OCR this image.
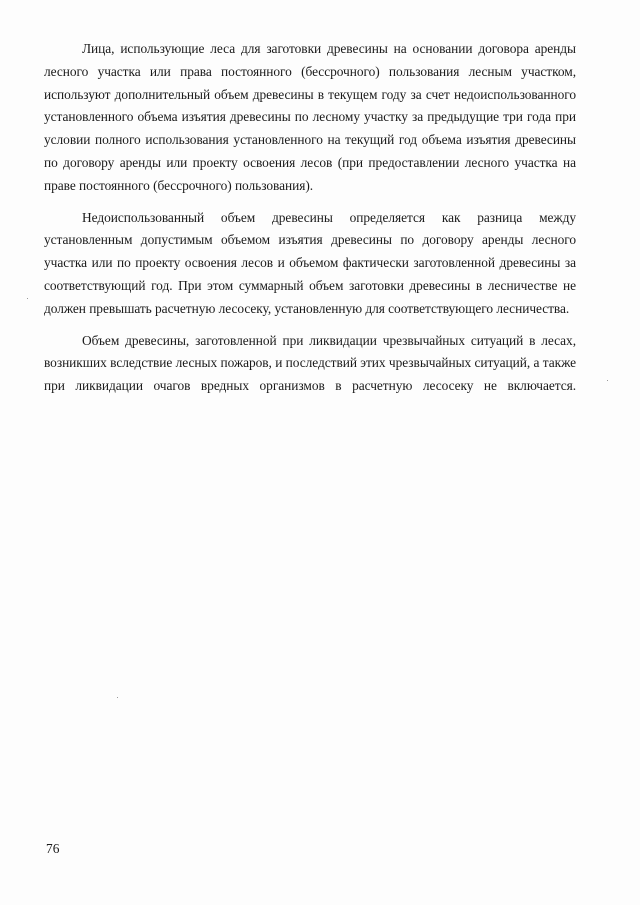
Лица, использующие леса для заготовки древесины на основании договора аренды лесного участка или права постоянного (бессрочного) пользования лесным участком, используют дополнительный объем древесины в текущем году за счет недоиспользованного установленного объема изъятия древесины по лесному участку за предыдущие три года при условии полного использования установленного на текущий год объема изъятия древесины по договору аренды или проекту освоения лесов (при предоставлении лесного участка на праве постоянного (бессрочного) пользования).

Недоиспользованный объем древесины определяется как разница между установленным допустимым объемом изъятия древесины по договору аренды лесного участка или по проекту освоения лесов и объемом фактически заготовленной древесины за соответствующий год. При этом суммарный объем заготовки древесины в лесничестве не должен превышать расчетную лесосеку, установленную для соответствующего лесничества.

Объем древесины, заготовленной при ликвидации чрезвычайных ситуаций в лесах, возникших вследствие лесных пожаров, и последствий этих чрезвычайных ситуаций, а также при ликвидации очагов вредных организмов в расчетную лесосеку не включается.

76
